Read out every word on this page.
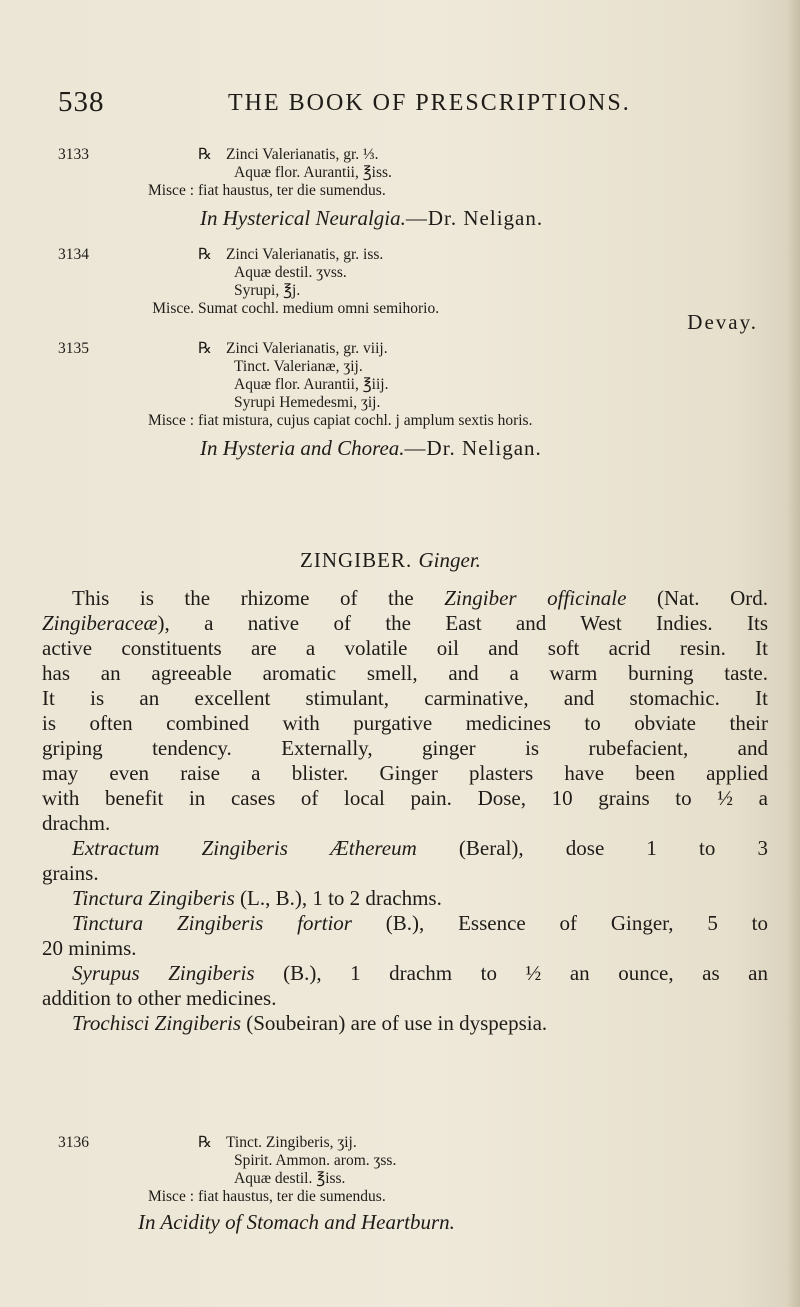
538	THE BOOK OF PRESCRIPTIONS.
3133	℞ Zinci Valerianatis, gr. ⅓.
Aquæ flor. Aurantii, ℥iss.
Misce : fiat haustus, ter die sumendus.
In Hysterical Neuralgia.—Dr. Neligan.
3134	℞ Zinci Valerianatis, gr. iss.
Aquæ destil. ʒvss.
Syrupi, ℥j.
Misce. Sumat cochl. medium omni semihorio.
Devay.
3135	℞ Zinci Valerianatis, gr. viij.
Tinct. Valerianæ, ʒij.
Aquæ flor. Aurantii, ℥iij.
Syrupi Hemedesmi, ʒij.
Misce : fiat mistura, cujus capiat cochl. j amplum sextis horis.
In Hysteria and Chorea.—Dr. Neligan.
ZINGIBER. Ginger.
This is the rhizome of the Zingiber officinale (Nat. Ord.
Zingiberaceæ), a native of the East and West Indies. Its
active constituents are a volatile oil and soft acrid resin. It
has an agreeable aromatic smell, and a warm burning taste.
It is an excellent stimulant, carminative, and stomachic. It
is often combined with purgative medicines to obviate their
griping tendency. Externally, ginger is rubefacient, and
may even raise a blister. Ginger plasters have been applied
with benefit in cases of local pain. Dose, 10 grains to ½ a
drachm.
Extractum Zingiberis Æthereum (Beral), dose 1 to 3
grains.
Tinctura Zingiberis (L., B.), 1 to 2 drachms.
Tinctura Zingiberis fortior (B.), Essence of Ginger, 5 to
20 minims.
Syrupus Zingiberis (B.), 1 drachm to ½ an ounce, as an
addition to other medicines.
Trochisci Zingiberis (Soubeiran) are of use in dyspepsia.
3136	℞ Tinct. Zingiberis, ʒij.
Spirit. Ammon. arom. ʒss.
Aquæ destil. ℥iss.
Misce : fiat haustus, ter die sumendus.
In Acidity of Stomach and Heartburn.
